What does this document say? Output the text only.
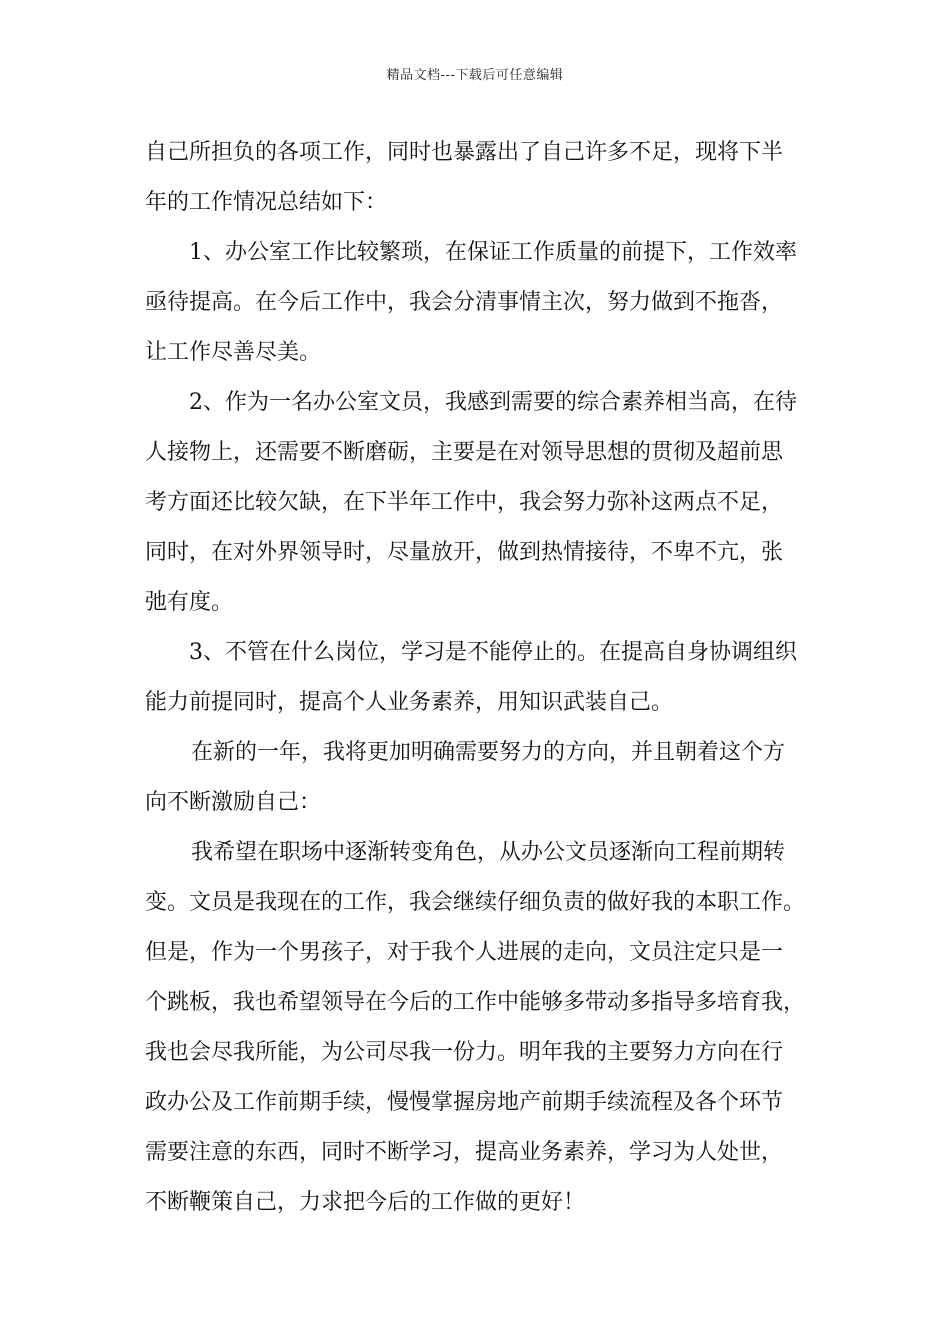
精品文档---下载后可任意编辑
自己所担负的各项工作，同时也暴露出了自己许多不足，现将下半
年的工作情况总结如下：
1、办公室工作比较繁琐，在保证工作质量的前提下，工作效率
亟待提高。在今后工作中，我会分清事情主次，努力做到不拖沓，
让工作尽善尽美。
2、作为一名办公室文员，我感到需要的综合素养相当高，在待
人接物上，还需要不断磨砺，主要是在对领导思想的贯彻及超前思
考方面还比较欠缺，在下半年工作中，我会努力弥补这两点不足，
同时，在对外界领导时，尽量放开，做到热情接待，不卑不亢，张
弛有度。
3、不管在什么岗位，学习是不能停止的。在提高自身协调组织
能力前提同时，提高个人业务素养，用知识武装自己。
在新的一年，我将更加明确需要努力的方向，并且朝着这个方
向不断激励自己：
我希望在职场中逐渐转变角色，从办公文员逐渐向工程前期转
变。文员是我现在的工作，我会继续仔细负责的做好我的本职工作。
但是，作为一个男孩子，对于我个人进展的走向，文员注定只是一
个跳板，我也希望领导在今后的工作中能够多带动多指导多培育我，
我也会尽我所能，为公司尽我一份力。明年我的主要努力方向在行
政办公及工作前期手续，慢慢掌握房地产前期手续流程及各个环节
需要注意的东西，同时不断学习，提高业务素养，学习为人处世，
不断鞭策自己，力求把今后的工作做的更好！
